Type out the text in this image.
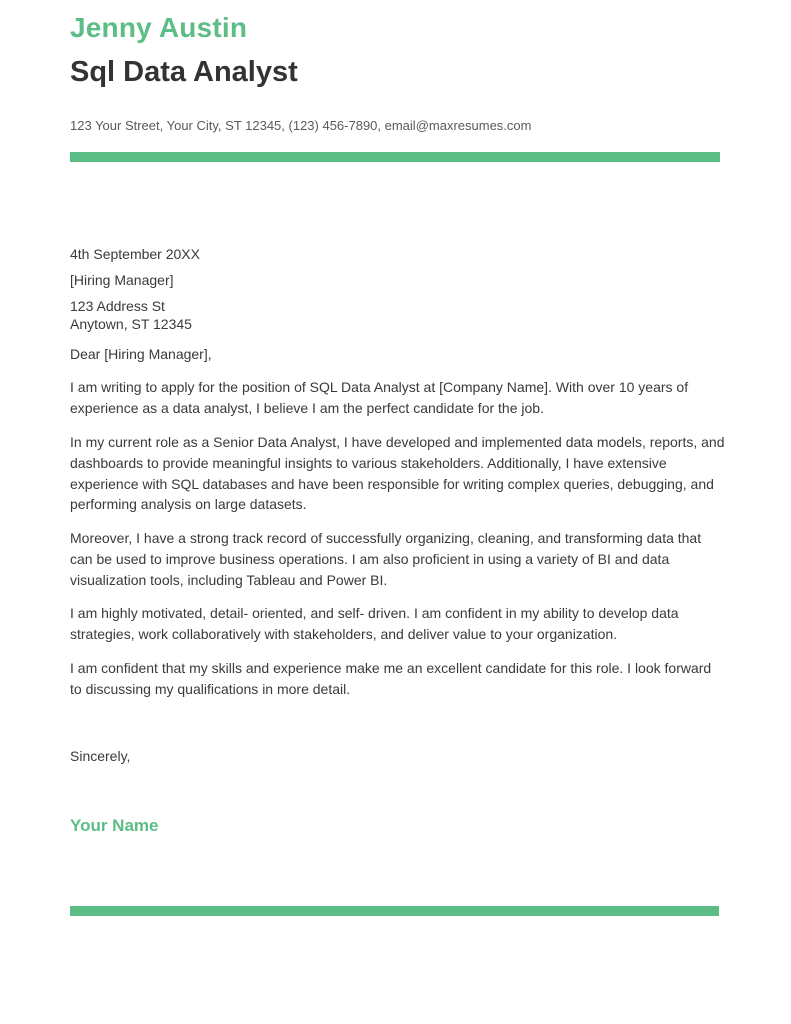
Jenny Austin
Sql Data Analyst
123 Your Street, Your City, ST 12345, (123) 456-7890, email@maxresumes.com
4th September 20XX
[Hiring Manager]
123 Address St
Anytown, ST 12345
Dear [Hiring Manager],
I am writing to apply for the position of SQL Data Analyst at [Company Name]. With over 10 years of experience as a data analyst, I believe I am the perfect candidate for the job.
In my current role as a Senior Data Analyst, I have developed and implemented data models, reports, and dashboards to provide meaningful insights to various stakeholders. Additionally, I have extensive experience with SQL databases and have been responsible for writing complex queries, debugging, and performing analysis on large datasets.
Moreover, I have a strong track record of successfully organizing, cleaning, and transforming data that can be used to improve business operations. I am also proficient in using a variety of BI and data visualization tools, including Tableau and Power BI.
I am highly motivated, detail- oriented, and self- driven. I am confident in my ability to develop data strategies, work collaboratively with stakeholders, and deliver value to your organization.
I am confident that my skills and experience make me an excellent candidate for this role. I look forward to discussing my qualifications in more detail.
Sincerely,
Your Name
